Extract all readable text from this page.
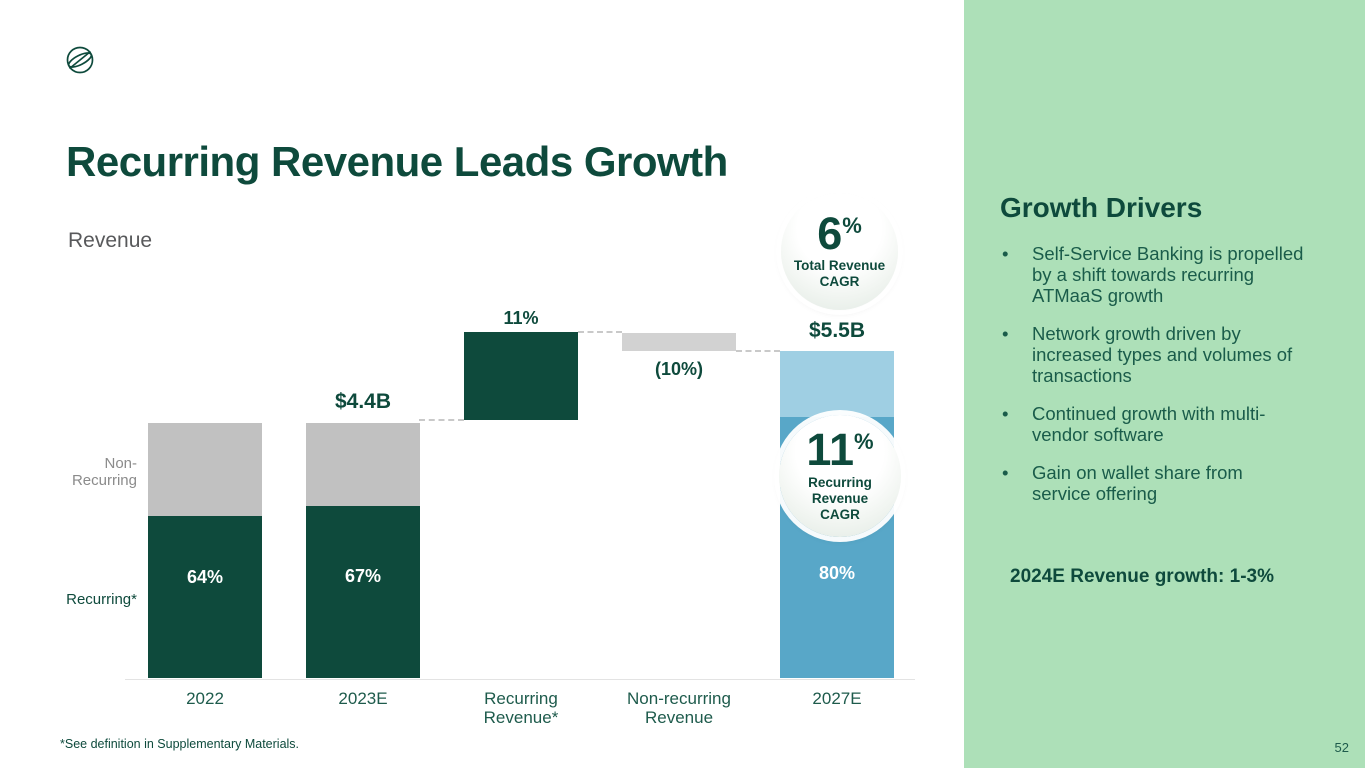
Recurring Revenue Leads Growth
Revenue
64%	67%	80%
$4.4B
$5.5B
11%
(10%)
Non-Recurring
Recurring*
2022	2023E	Recurring Revenue*
Non-recurring Revenue
2027E
6%
Total Revenue CAGR
11%
Recurring Revenue CAGR
Growth Drivers
•
Self-Service Banking is propelled by a shift towards recurring ATMaaS growth
•
Network growth driven by increased types and volumes of transactions
•
Continued growth with multi-vendor software
•
Gain on wallet share from service offering
2024E Revenue growth: 1-3%
52
*See definition in Supplementary Materials.
